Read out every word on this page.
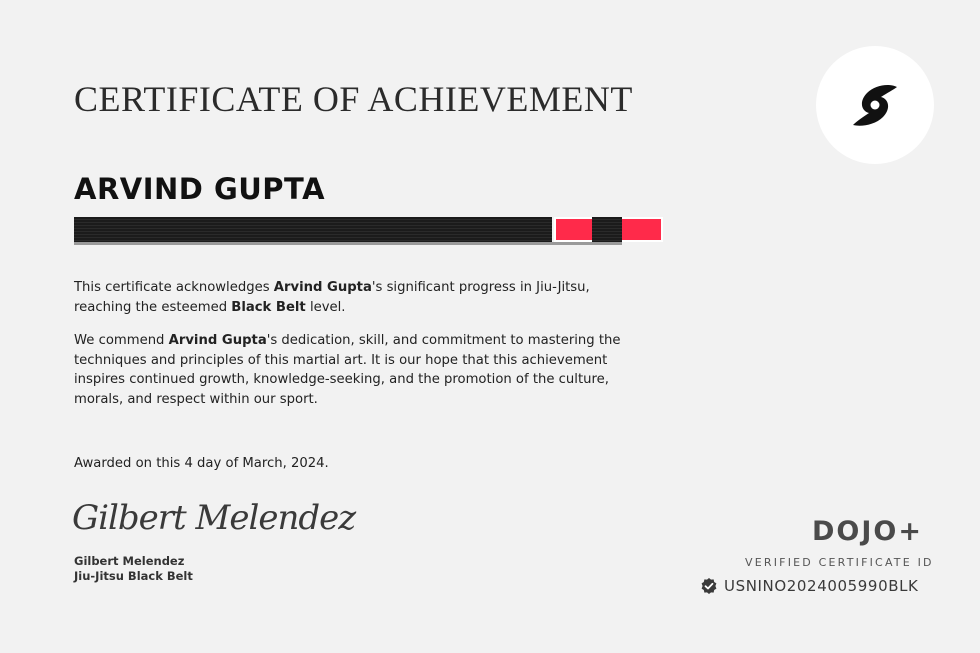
CERTIFICATE OF ACHIEVEMENT
ARVIND GUPTA

This certificate acknowledges Arvind Gupta's significant progress in Jiu-Jitsu, reaching the esteemed Black Belt level.

We commend Arvind Gupta's dedication, skill, and commitment to mastering the techniques and principles of this martial art. It is our hope that this achievement inspires continued growth, knowledge-seeking, and the promotion of the culture, morals, and respect within our sport.

Awarded on this 4 day of March, 2024.

Gilbert Melendez
Gilbert Melendez
Jiu-Jitsu Black Belt
DOJO+
VERIFIED CERTIFICATE ID
USNINO2024005990BLK
